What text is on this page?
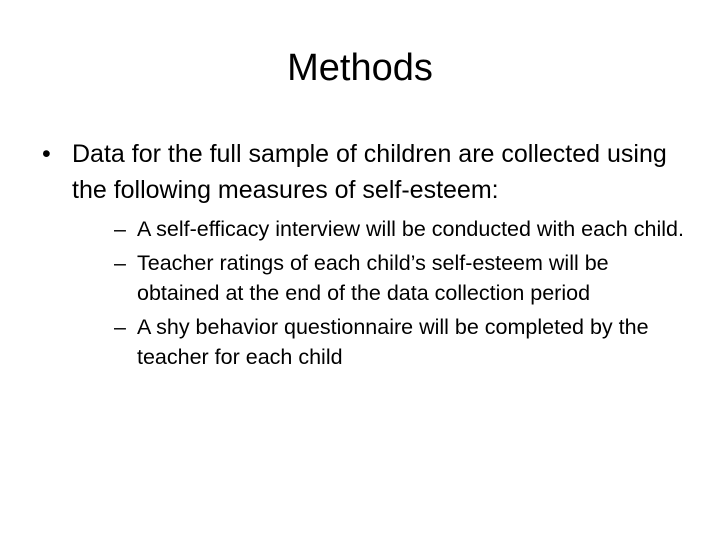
Methods
• Data for the full sample of children are collected using the following measures of self-esteem:
– A self-efficacy interview will be conducted with each child.
– Teacher ratings of each child’s self-esteem will be obtained at the end of the data collection period
– A shy behavior questionnaire will be completed by the teacher for each child
